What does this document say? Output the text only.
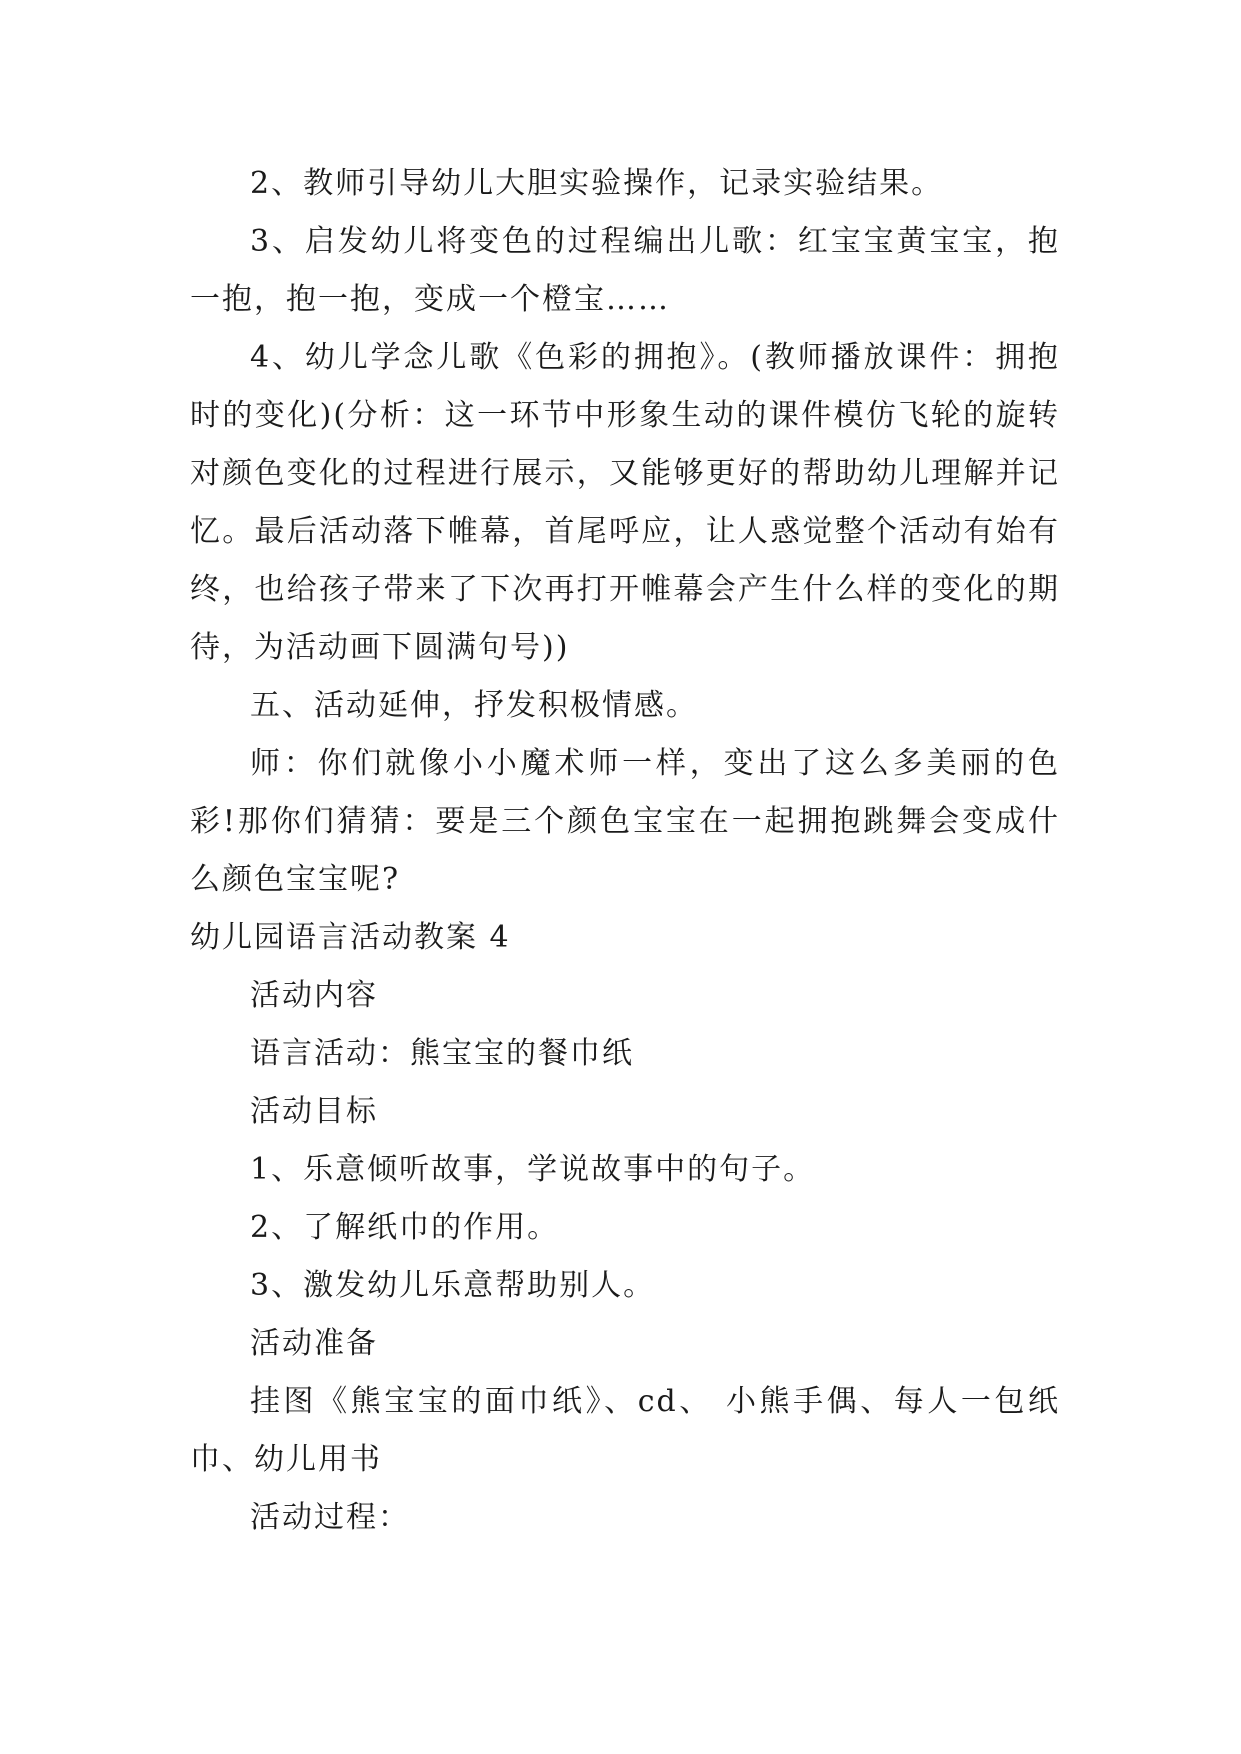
2、教师引导幼儿大胆实验操作，记录实验结果。

3、启发幼儿将变色的过程编出儿歌：红宝宝黄宝宝，抱一抱，抱一抱，变成一个橙宝……

4、幼儿学念儿歌《色彩的拥抱》。(教师播放课件：拥抱时的变化)(分析：这一环节中形象生动的课件模仿飞轮的旋转对颜色变化的过程进行展示，又能够更好的帮助幼儿理解并记忆。最后活动落下帷幕，首尾呼应，让人惑觉整个活动有始有终，也给孩子带来了下次再打开帷幕会产生什么样的变化的期待，为活动画下圆满句号))

五、活动延伸，抒发积极情感。

师：你们就像小小魔术师一样，变出了这么多美丽的色彩!那你们猜猜：要是三个颜色宝宝在一起拥抱跳舞会变成什么颜色宝宝呢?

幼儿园语言活动教案 4

活动内容

语言活动：熊宝宝的餐巾纸

活动目标

1、乐意倾听故事，学说故事中的句子。

2、了解纸巾的作用。

3、激发幼儿乐意帮助别人。

活动准备

挂图《熊宝宝的面巾纸》、cd、 小熊手偶、每人一包纸巾、幼儿用书

活动过程：
